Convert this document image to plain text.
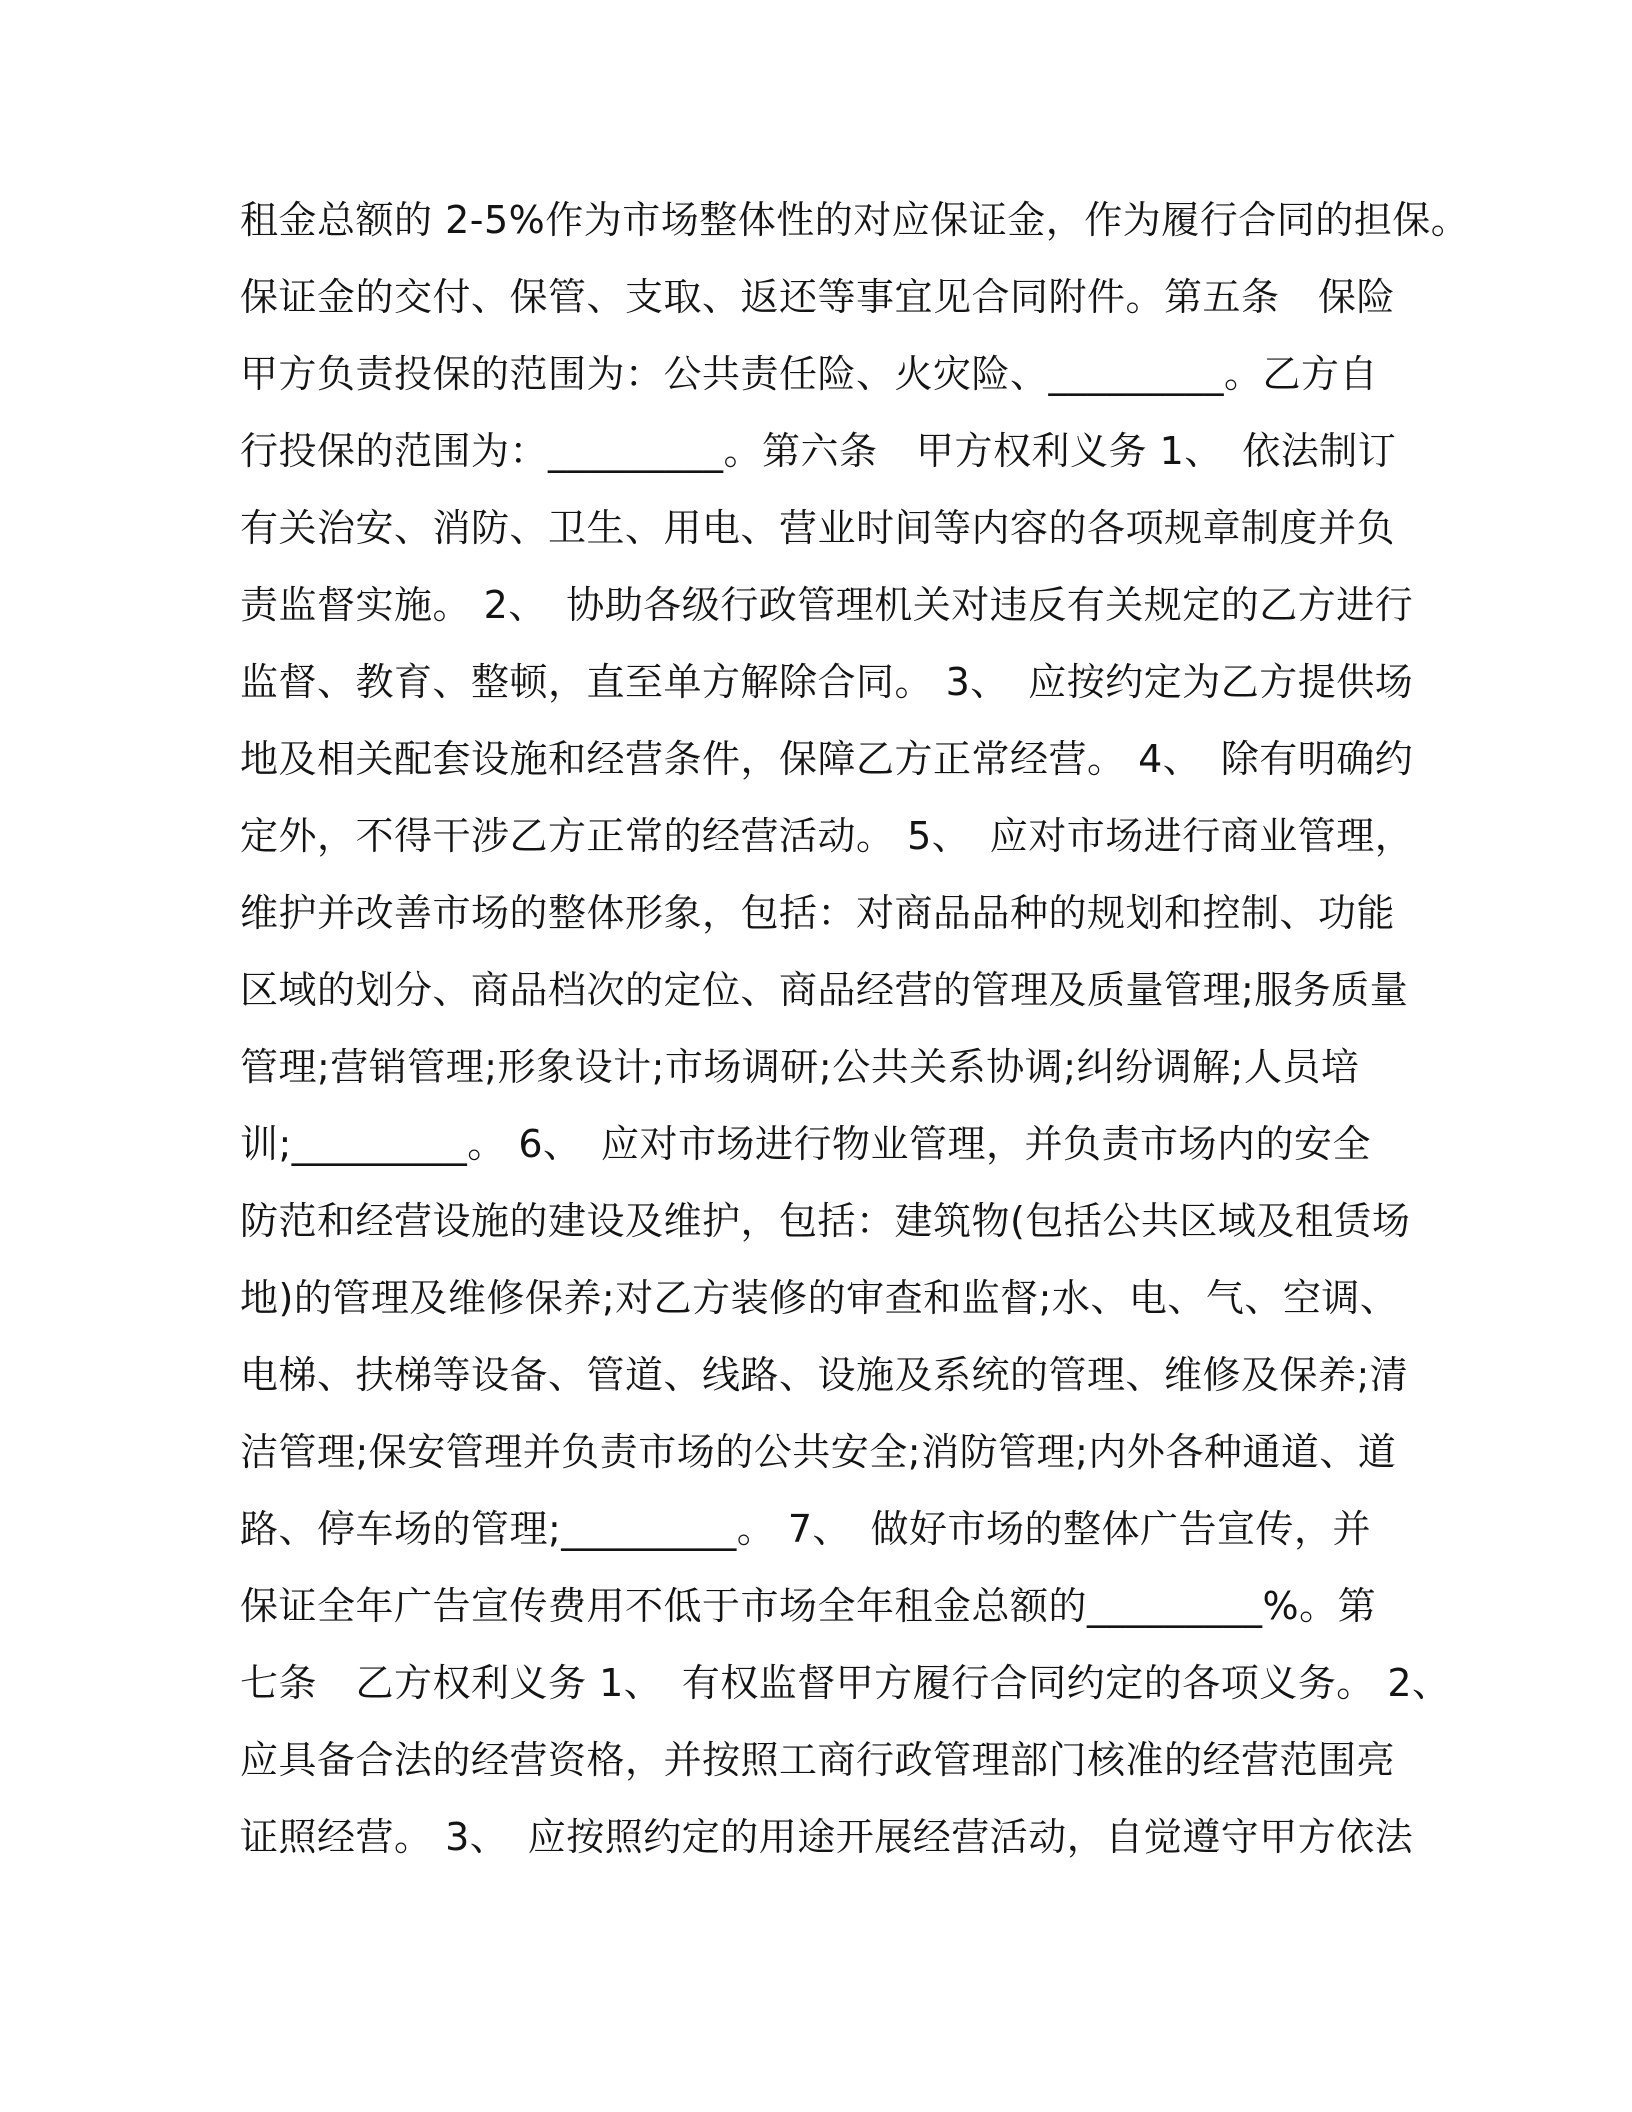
租金总额的 2-5%作为市场整体性的对应保证金，作为履行合同的担保。
保证金的交付、保管、支取、返还等事宜见合同附件。第五条　保险
甲方负责投保的范围为：公共责任险、火灾险、_________。乙方自
行投保的范围为：_________。第六条　甲方权利义务 1、　依法制订
有关治安、消防、卫生、用电、营业时间等内容的各项规章制度并负
责监督实施。 2、　协助各级行政管理机关对违反有关规定的乙方进行
监督、教育、整顿，直至单方解除合同。 3、　应按约定为乙方提供场
地及相关配套设施和经营条件，保障乙方正常经营。 4、　除有明确约
定外，不得干涉乙方正常的经营活动。 5、　应对市场进行商业管理，
维护并改善市场的整体形象，包括：对商品品种的规划和控制、功能
区域的划分、商品档次的定位、商品经营的管理及质量管理;服务质量
管理;营销管理;形象设计;市场调研;公共关系协调;纠纷调解;人员培
训;_________。 6、　应对市场进行物业管理，并负责市场内的安全
防范和经营设施的建设及维护，包括：建筑物(包括公共区域及租赁场
地)的管理及维修保养;对乙方装修的审查和监督;水、电、气、空调、
电梯、扶梯等设备、管道、线路、设施及系统的管理、维修及保养;清
洁管理;保安管理并负责市场的公共安全;消防管理;内外各种通道、道
路、停车场的管理;_________。 7、　做好市场的整体广告宣传，并
保证全年广告宣传费用不低于市场全年租金总额的_________%。第
七条　乙方权利义务 1、　有权监督甲方履行合同约定的各项义务。 2、
应具备合法的经营资格，并按照工商行政管理部门核准的经营范围亮
证照经营。 3、　应按照约定的用途开展经营活动，自觉遵守甲方依法
